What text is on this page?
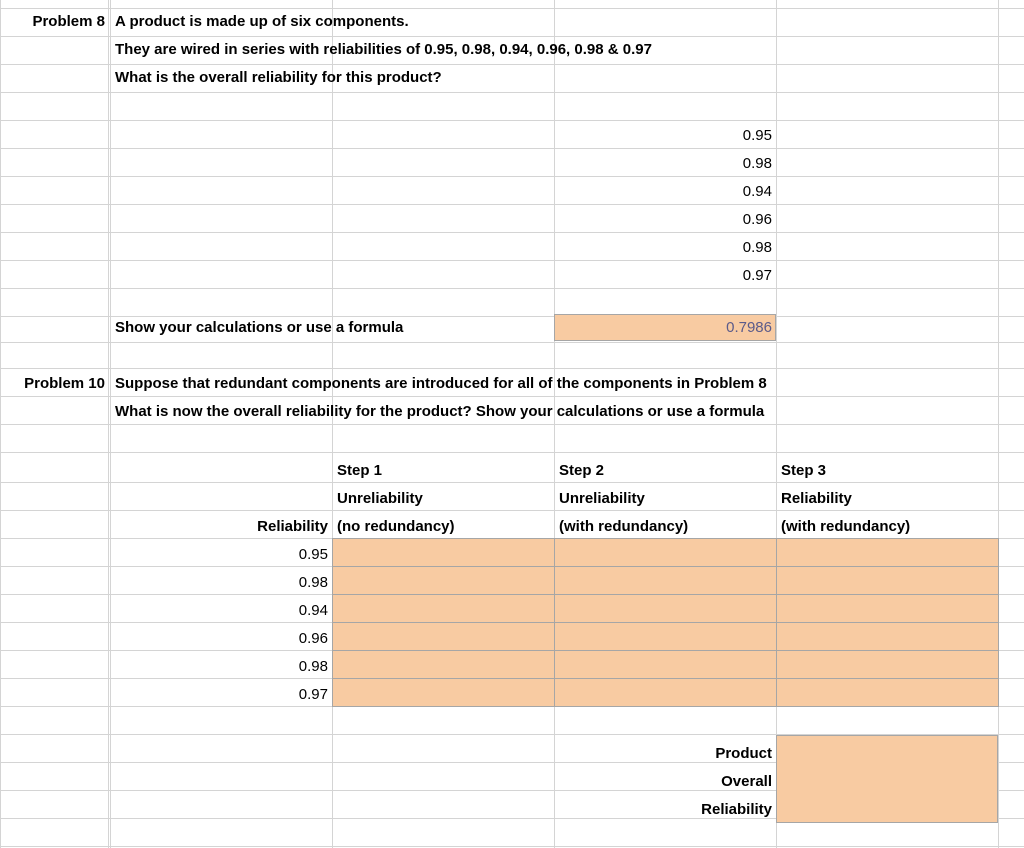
Problem 8 A product is made up of six components.
They are wired in series with reliabilities of 0.95, 0.98, 0.94, 0.96, 0.98 & 0.97
What is the overall reliability for this product?
0.95
0.98
0.94
0.96
0.98
0.97
Show your calculations or use a formula	0.7986
Problem 10 Suppose that redundant components are introduced for all of the components in Problem 8
What is now the overall reliability for the product? Show your calculations or use a formula
Step 1
Unreliability
(no redundancy)
Step 2
Unreliability
(with redundancy)
Step 3
Reliability
(with redundancy)
Reliability
0.95
0.98
0.94
0.96
0.98
0.97
Product
Overall
Reliability
